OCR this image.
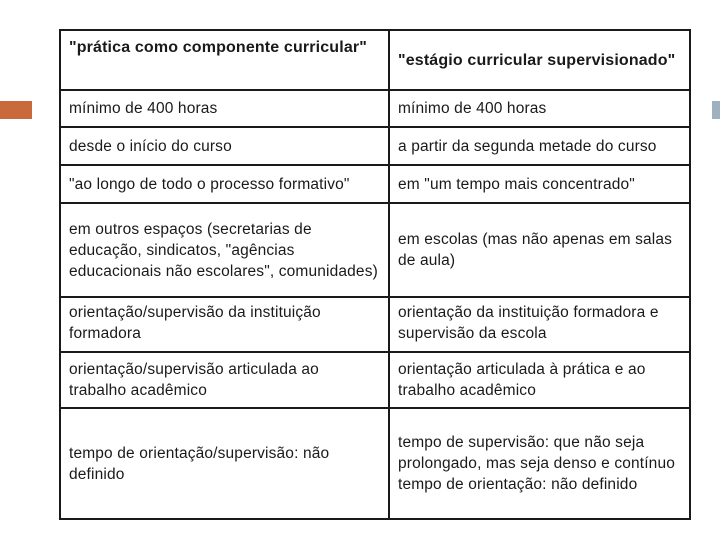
"prática como componente curricular"	"estágio curricular supervisionado"
mínimo de 400 horas	mínimo de 400 horas
desde o início do curso	a partir da segunda metade do curso
"ao longo de todo o processo formativo"	em "um tempo mais concentrado"
em outros espaços (secretarias de educação, sindicatos, "agências educacionais não escolares", comunidades)	em escolas (mas não apenas em salas de aula)

orientação/supervisão da instituição formadora	orientação da instituição formadora e supervisão da escola

orientação/supervisão articulada ao trabalho acadêmico	orientação articulada à prática e ao trabalho acadêmico
tempo de orientação/supervisão: não definido	tempo de supervisão: que não seja prolongado, mas seja denso e contínuo tempo de orientação: não definido
